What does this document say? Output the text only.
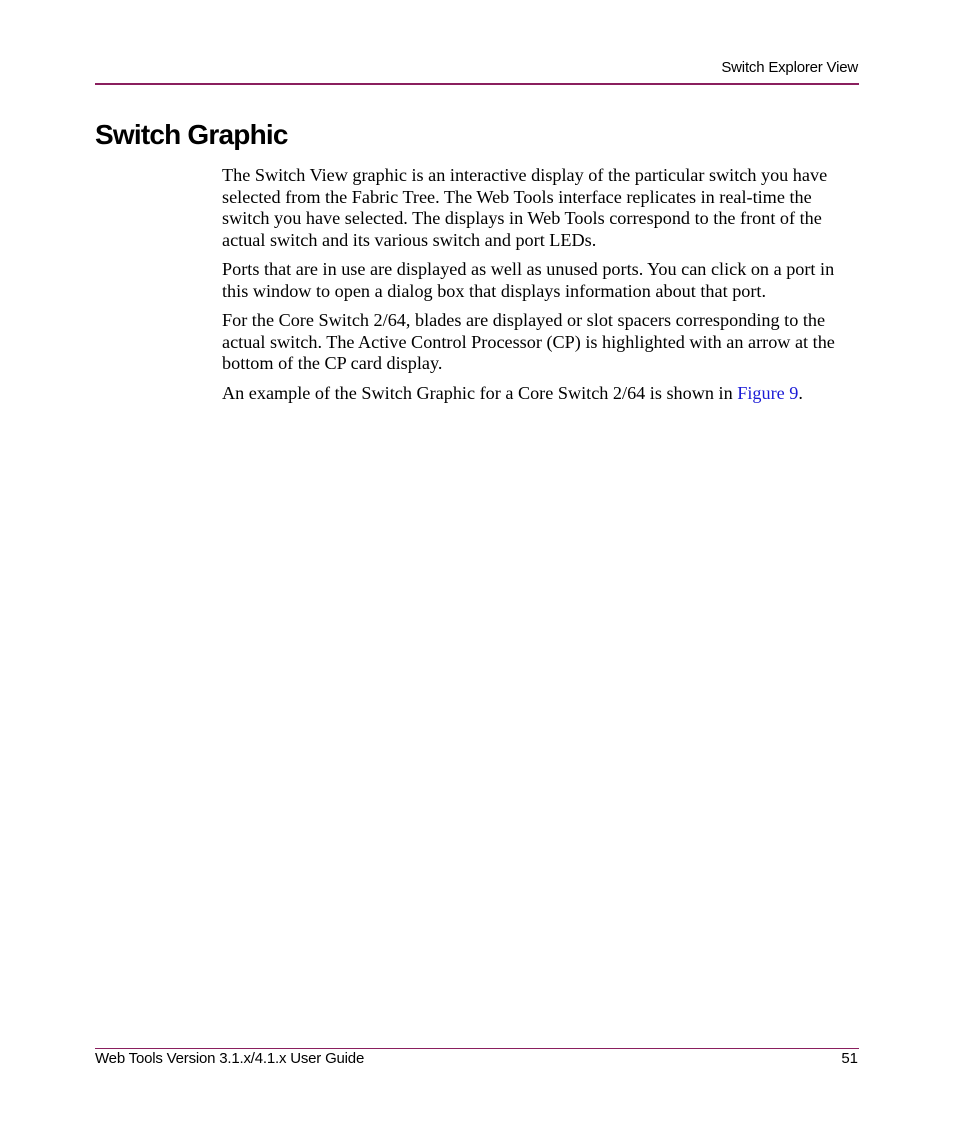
Switch Explorer View
Switch Graphic

The Switch View graphic is an interactive display of the particular switch you have selected from the Fabric Tree. The Web Tools interface replicates in real-time the switch you have selected. The displays in Web Tools correspond to the front of the actual switch and its various switch and port LEDs.

Ports that are in use are displayed as well as unused ports. You can click on a port in this window to open a dialog box that displays information about that port.

For the Core Switch 2/64, blades are displayed or slot spacers corresponding to the actual switch. The Active Control Processor (CP) is highlighted with an arrow at the bottom of the CP card display.

An example of the Switch Graphic for a Core Switch 2/64 is shown in Figure 9.

Web Tools Version 3.1.x/4.1.x User Guide	51
